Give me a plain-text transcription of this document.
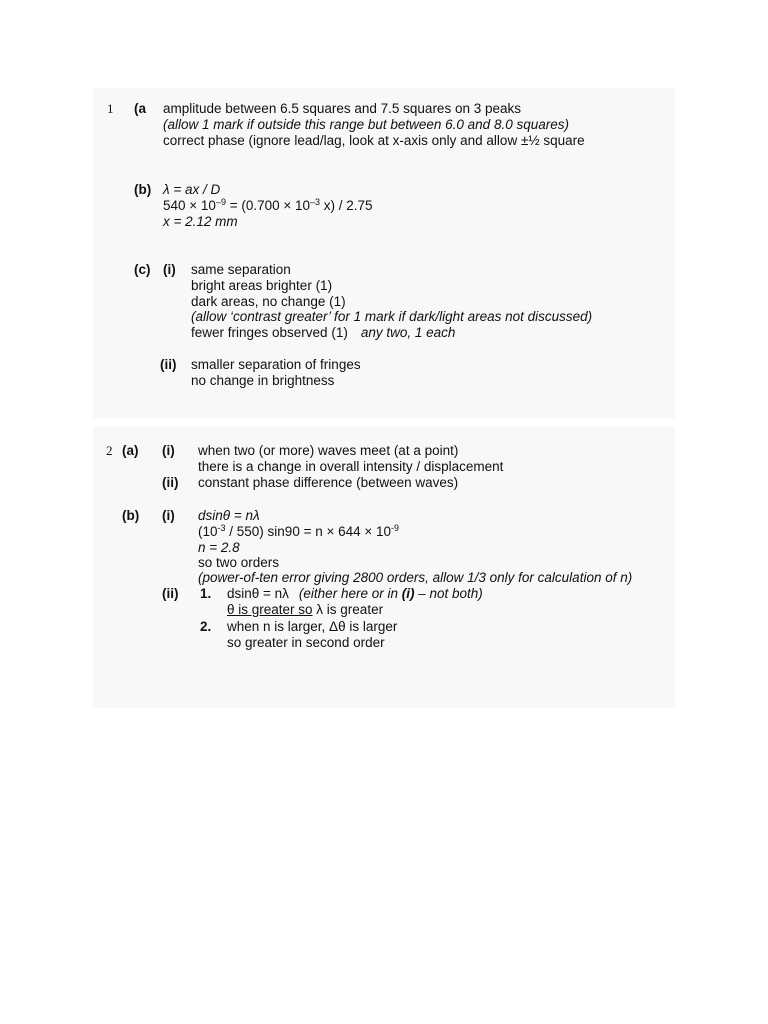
1 (a amplitude between 6.5 squares and 7.5 squares on 3 peaks
(allow 1 mark if outside this range but between 6.0 and 8.0 squares)
correct phase (ignore lead/lag, look at x-axis only and allow ±½ square
(b) λ = ax / D
$540 \times 10^{-9} = (0.700 \times 10^{-3}$ x) / 2.75
x = 2.12 mm
(c) (i) same separation
bright areas brighter (1)
dark areas, no change (1)
(allow ‘contrast greater’ for 1 mark if dark/light areas not discussed)
fewer fringes observed (1) any two, 1 each
(ii) smaller separation of fringes
no change in brightness
2 (a) (i) when two (or more) waves meet (at a point)
there is a change in overall intensity / displacement
(ii) constant phase difference (between waves)
(b) (i) dsinθ = nλ
$(10^{-3} / 550) \sin 90 = n \times 644 \times 10^{-9}$
n = 2.8
so two orders
(power-of-ten error giving 2800 orders, allow 1/3 only for calculation of n)
(ii) 1. dsinθ = nλ (either here or in (i) – not both)
θ is greater so λ is greater
2. when n is larger, Δθ is larger
so greater in second order
